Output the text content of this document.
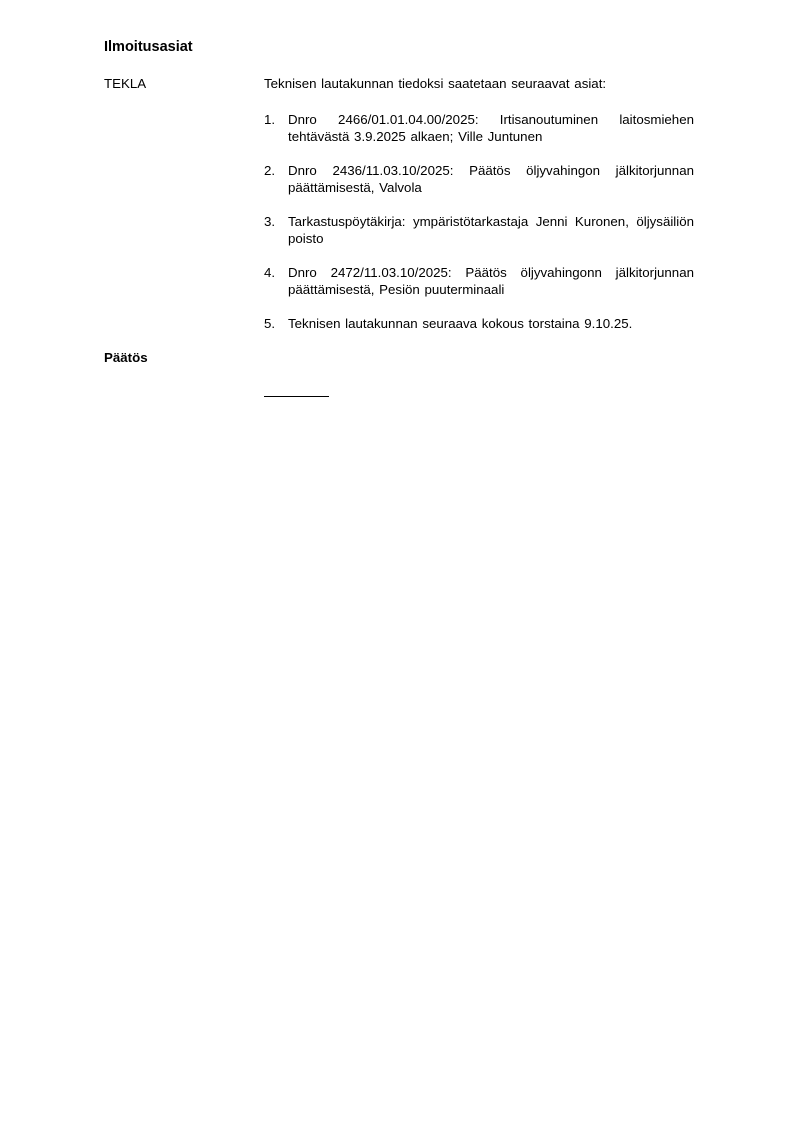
Ilmoitusasiat
TEKLA	Teknisen lautakunnan tiedoksi saatetaan seuraavat asiat:
1. Dnro 2466/01.01.04.00/2025: Irtisanoutuminen laitosmiehen tehtävästä 3.9.2025 alkaen; Ville Juntunen
2. Dnro 2436/11.03.10/2025: Päätös öljyvahingon jälkitorjunnan päättämisestä, Valvola
3. Tarkastuspöytäkirja: ympäristötarkastaja Jenni Kuronen, öljysäiliön poisto
4. Dnro 2472/11.03.10/2025: Päätös öljyvahingonn jälkitorjunnan päättämisestä, Pesiön puuterminaali
5. Teknisen lautakunnan seuraava kokous torstaina 9.10.25.
Päätös
